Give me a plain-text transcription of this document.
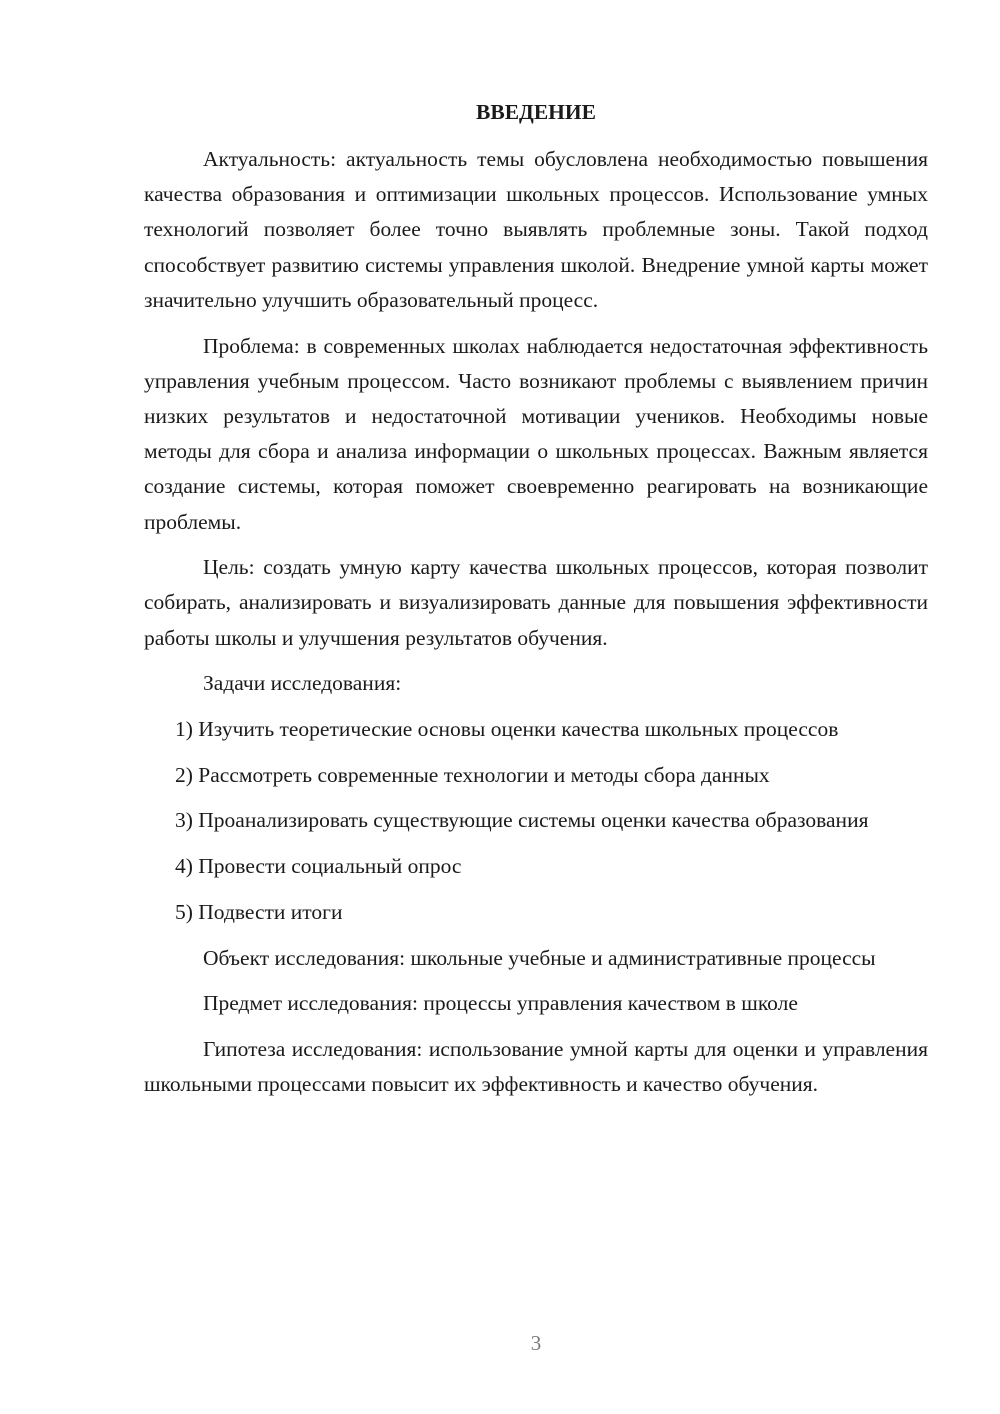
ВВЕДЕНИЕ

Актуальность: актуальность темы обусловлена необходимостью повышения качества образования и оптимизации школьных процессов. Использование умных технологий позволяет более точно выявлять проблемные зоны. Такой подход способствует развитию системы управления школой. Внедрение умной карты может значительно улучшить образовательный процесс.

Проблема: в современных школах наблюдается недостаточная эффективность управления учебным процессом. Часто возникают проблемы с выявлением причин низких результатов и недостаточной мотивации учеников. Необходимы новые методы для сбора и анализа информации о школьных процессах. Важным является создание системы, которая поможет своевременно реагировать на возникающие проблемы.

Цель: создать умную карту качества школьных процессов, которая позволит собирать, анализировать и визуализировать данные для повышения эффективности работы школы и улучшения результатов обучения.

Задачи исследования:

1) Изучить теоретические основы оценки качества школьных процессов

2) Рассмотреть современные технологии и методы сбора данных

3) Проанализировать существующие системы оценки качества образования

4) Провести социальный опрос

5) Подвести итоги

Объект исследования: школьные учебные и административные процессы

Предмет исследования: процессы управления качеством в школе

Гипотеза исследования: использование умной карты для оценки и управления школьными процессами повысит их эффективность и качество обучения.

3
